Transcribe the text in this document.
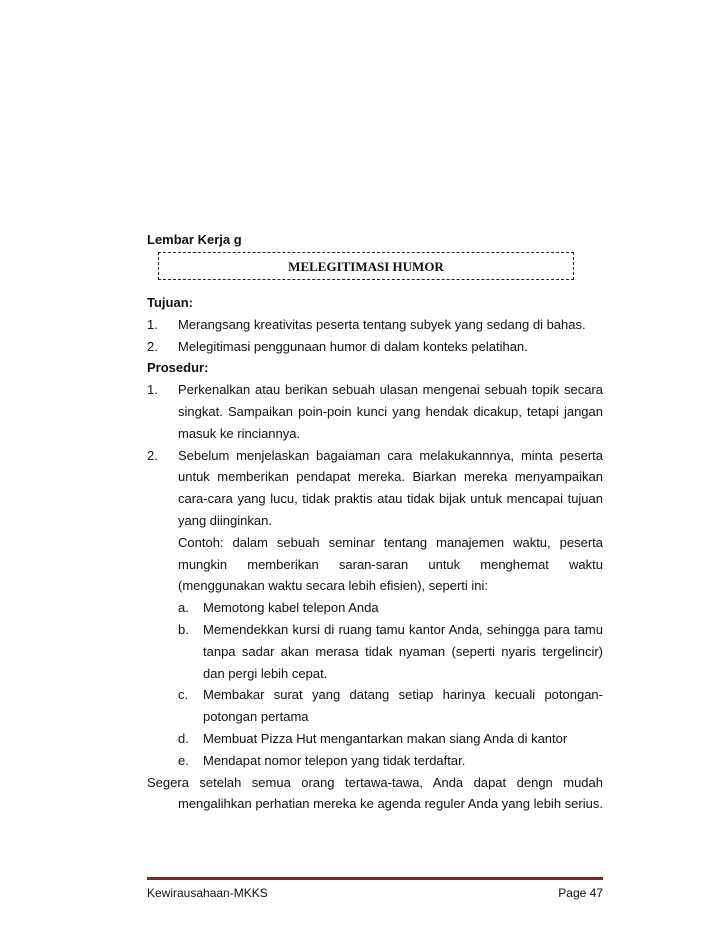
Lembar Kerja g
MELEGITIMASI HUMOR
Tujuan:
1.	Merangsang kreativitas peserta tentang subyek yang sedang di bahas.
2.	Melegitimasi penggunaan humor di dalam konteks pelatihan.
Prosedur:
1.	Perkenalkan atau berikan sebuah ulasan mengenai sebuah topik secara singkat. Sampaikan poin-poin kunci yang hendak dicakup, tetapi jangan masuk ke rinciannya.
2.	Sebelum menjelaskan bagaiaman cara melakukannnya, minta peserta untuk memberikan pendapat mereka. Biarkan mereka menyampaikan cara-cara yang lucu, tidak praktis atau tidak bijak untuk mencapai tujuan yang diinginkan.
Contoh: dalam sebuah seminar tentang manajemen waktu, peserta mungkin memberikan saran-saran untuk menghemat waktu (menggunakan waktu secara lebih efisien), seperti ini:
a.	Memotong kabel telepon Anda
b.	Memendekkan kursi di ruang tamu kantor Anda, sehingga para tamu tanpa sadar akan merasa tidak nyaman (seperti nyaris tergelincir) dan pergi lebih cepat.
c.	Membakar surat yang datang setiap harinya kecuali potongan-potongan pertama
d.	Membuat Pizza Hut mengantarkan makan siang Anda di kantor
e.	Mendapat nomor telepon yang tidak terdaftar.
Segera setelah semua orang tertawa-tawa, Anda dapat dengn mudah mengalihkan perhatian mereka ke agenda reguler Anda yang lebih serius.
Kewirausahaan-MKKS	Page 47
